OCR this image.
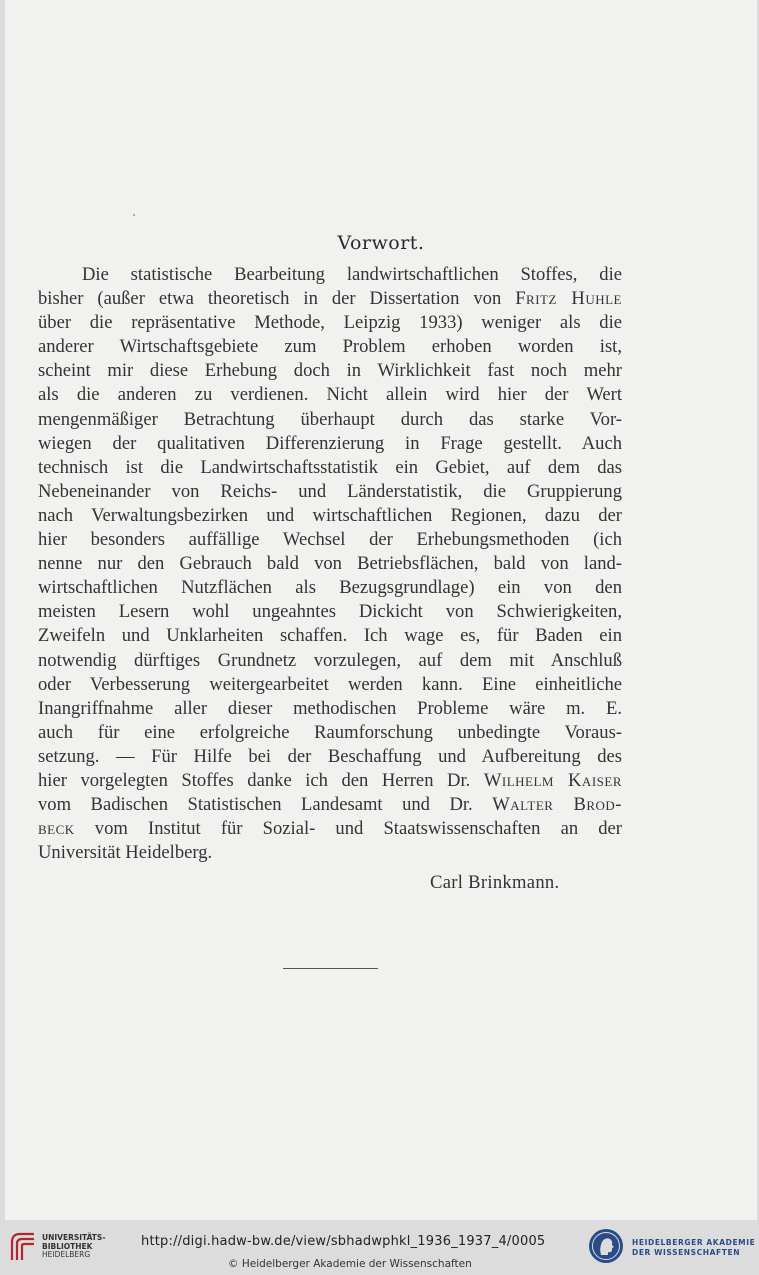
Vorwort.
Die statistische Bearbeitung landwirtschaftlichen Stoffes, die
bisher (außer etwa theoretisch in der Dissertation von Fritz Huhle
über die repräsentative Methode, Leipzig 1933) weniger als die
anderer Wirtschaftsgebiete zum Problem erhoben worden ist,
scheint mir diese Erhebung doch in Wirklichkeit fast noch mehr
als die anderen zu verdienen. Nicht allein wird hier der Wert
mengenmäßiger Betrachtung überhaupt durch das starke Vor-
wiegen der qualitativen Differenzierung in Frage gestellt. Auch
technisch ist die Landwirtschaftsstatistik ein Gebiet, auf dem das
Nebeneinander von Reichs- und Länderstatistik, die Gruppierung
nach Verwaltungsbezirken und wirtschaftlichen Regionen, dazu der
hier besonders auffällige Wechsel der Erhebungsmethoden (ich
nenne nur den Gebrauch bald von Betriebsflächen, bald von land-
wirtschaftlichen Nutzflächen als Bezugsgrundlage) ein von den
meisten Lesern wohl ungeahntes Dickicht von Schwierigkeiten,
Zweifeln und Unklarheiten schaffen. Ich wage es, für Baden ein
notwendig dürftiges Grundnetz vorzulegen, auf dem mit Anschluß
oder Verbesserung weitergearbeitet werden kann. Eine einheitliche
Inangriffnahme aller dieser methodischen Probleme wäre m. E.
auch für eine erfolgreiche Raumforschung unbedingte Voraus-
setzung. — Für Hilfe bei der Beschaffung und Aufbereitung des
hier vorgelegten Stoffes danke ich den Herren Dr. Wilhelm Kaiser
vom Badischen Statistischen Landesamt und Dr. Walter Brod-
beck vom Institut für Sozial- und Staatswissenschaften an der
Universität Heidelberg.
Carl Brinkmann.
UNIVERSITÄTS-
BIBLIOTHEK
HEIDELBERG
http://digi.hadw-bw.de/view/sbhadwphkl_1936_1937_4/0005
© Heidelberger Akademie der Wissenschaften
HEIDELBERGER AKADEMIE
DER WISSENSCHAFTEN
